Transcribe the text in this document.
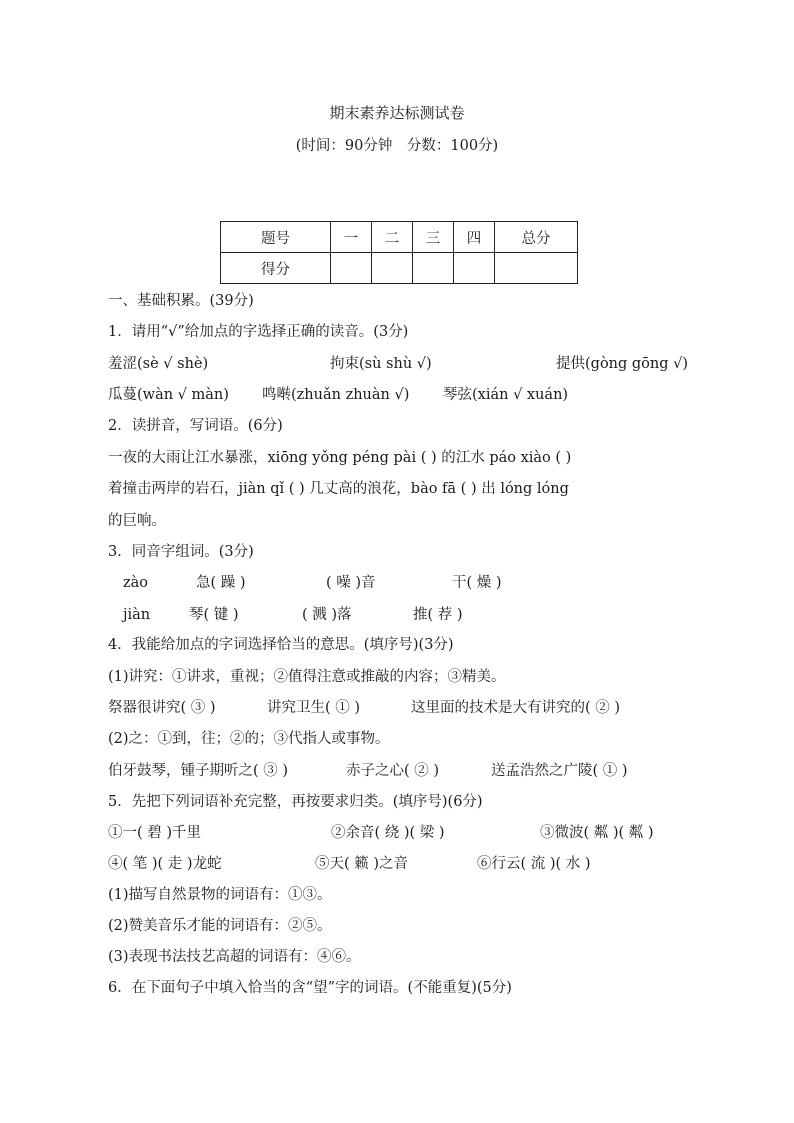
期末素养达标测试卷
(时间：90分钟　分数：100分)
题号	一	二	三	四	总分
得分					
一、基础积累。(39分)
1．请用“√”给加点的字选择正确的读音。(3分)
羞涩(sè √ shè)	拘束(sù shù √)	提供(gòng gōng √)
瓜蔓(wàn √ màn) 鸣啭(zhuǎn zhuàn √) 琴弦(xián √ xuán)
2．读拼音，写词语。(6分)
一夜的大雨让江水暴涨，xiōng yǒng péng pài ( ) 的江水 páo xiào ( )
着撞击两岸的岩石，jiàn qǐ ( ) 几丈高的浪花，bào fā ( ) 出 lóng lóng
的巨响。
3．同音字组词。(3分)
zào	急( 躁 )	( 噪 )音	干( 燥 )
jiàn	琴( 键 )	( 溅 )落	推( 荐 )
4．我能给加点的字词选择恰当的意思。(填序号)(3分)
(1)讲究：①讲求，重视；②值得注意或推敲的内容；③精美。
祭器很讲究( ③ )	讲究卫生( ① )	这里面的技术是大有讲究的( ② )
(2)之：①到，往；②的；③代指人或事物。
伯牙鼓琴，锺子期听之( ③ )	赤子之心( ② )	送孟浩然之广陵( ① )
5．先把下列词语补充完整，再按要求归类。(填序号)(6分)
①一( 碧 )千里	②余音( 绕 )( 梁 )	③微波( 粼 )( 粼 )
④( 笔 )( 走 )龙蛇	⑤天( 籁 )之音	⑥行云( 流 )( 水 )
(1)描写自然景物的词语有：①③。
(2)赞美音乐才能的词语有：②⑤。
(3)表现书法技艺高超的词语有：④⑥。
6．在下面句子中填入恰当的含“望”字的词语。(不能重复)(5分)
